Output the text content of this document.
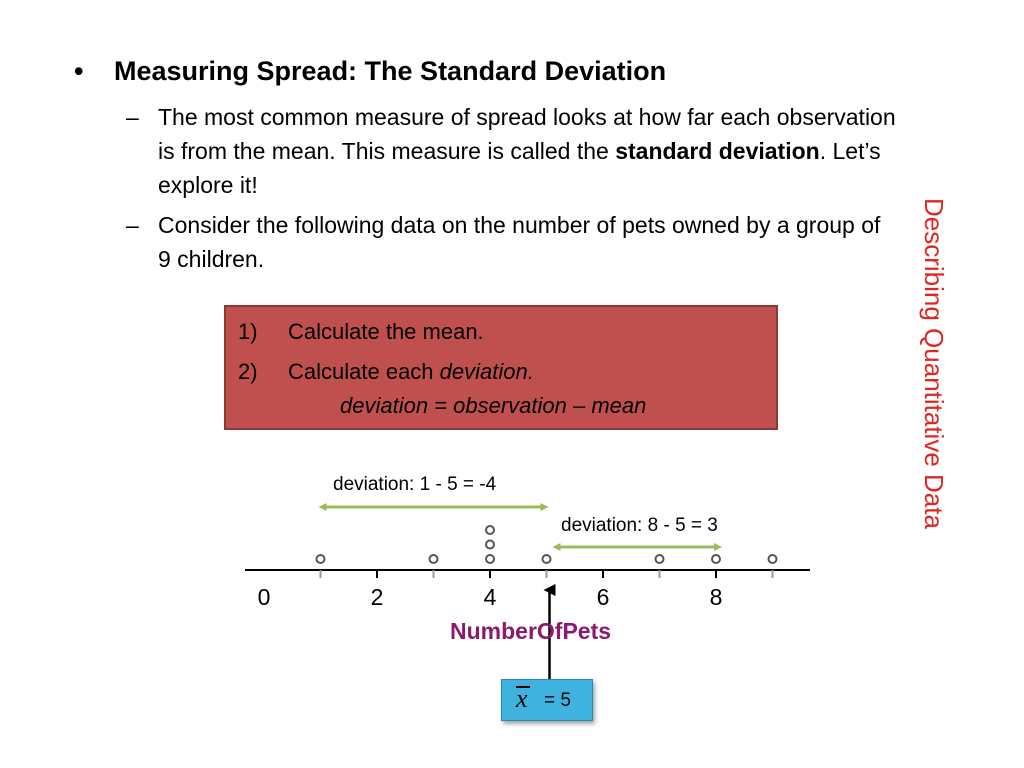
• Measuring Spread: The Standard Deviation
– The most common measure of spread looks at how far each observation is from the mean. This measure is called the standard deviation. Let’s explore it!
– Consider the following data on the number of pets owned by a group of 9 children.	Describing Quantitative Data
1) Calculate the mean.
2) Calculate each deviation.
deviation = observation – mean
0	2	4	6	8
NumberOfPets
deviation: 1 - 5 = -4
deviation: 8 - 5 = 3
x = 5
